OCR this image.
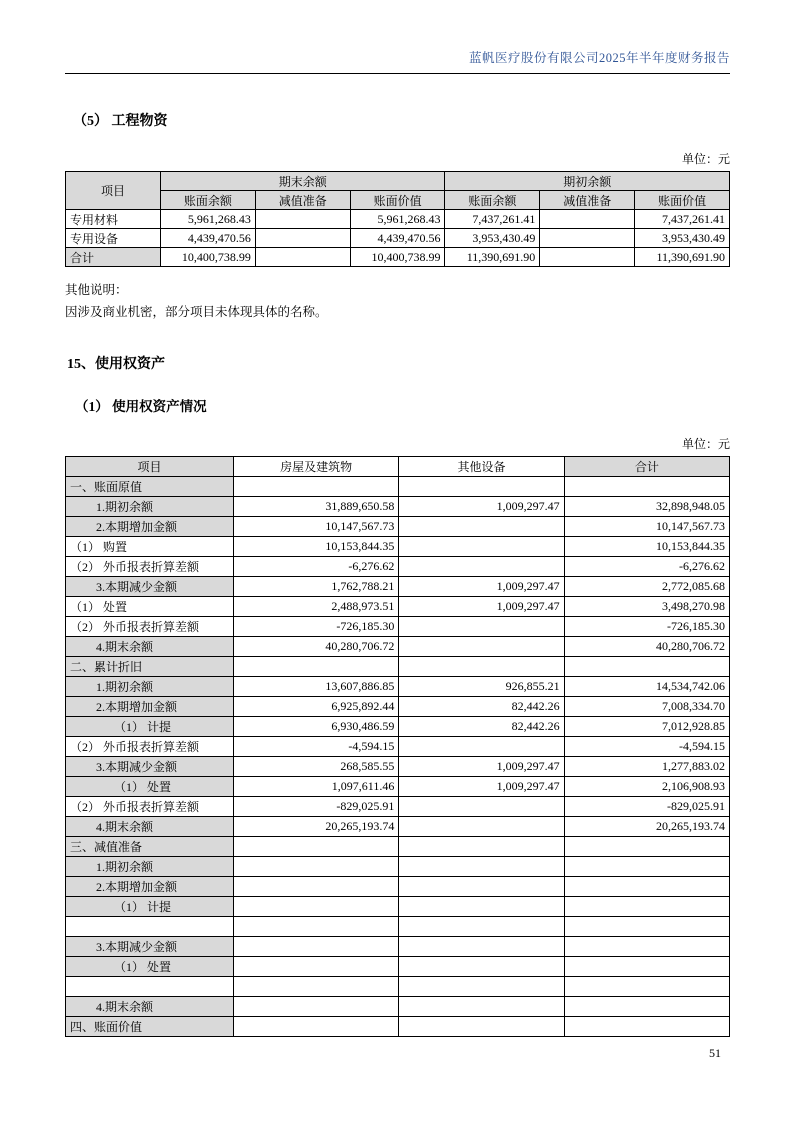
蓝帆医疗股份有限公司2025年半年度财务报告
（5） 工程物资
单位：元
项目	期末余额			期初余额		
	账面余额	减值准备	账面价值	账面余额	减值准备	账面价值
专用材料	5,961,268.43		5,961,268.43	7,437,261.41		7,437,261.41
专用设备	4,439,470.56		4,439,470.56	3,953,430.49		3,953,430.49
合计	10,400,738.99		10,400,738.99	11,390,691.90		11,390,691.90
其他说明：
因涉及商业机密，部分项目未体现具体的名称。
15、使用权资产
（1） 使用权资产情况
单位：元
项目	房屋及建筑物	其他设备	合计
一、账面原值			
1.期初余额	31,889,650.58	1,009,297.47	32,898,948.05
2.本期增加金额	10,147,567.73		10,147,567.73
（1） 购置	10,153,844.35		10,153,844.35
（2） 外币报表折算差额	-6,276.62		-6,276.62
3.本期减少金额	1,762,788.21	1,009,297.47	2,772,085.68
（1） 处置	2,488,973.51	1,009,297.47	3,498,270.98
（2） 外币报表折算差额	-726,185.30		-726,185.30
4.期末余额	40,280,706.72		40,280,706.72
二、累计折旧			
1.期初余额	13,607,886.85	926,855.21	14,534,742.06
2.本期增加金额	6,925,892.44	82,442.26	7,008,334.70
（1） 计提	6,930,486.59	82,442.26	7,012,928.85
（2） 外币报表折算差额	-4,594.15		-4,594.15
3.本期减少金额	268,585.55	1,009,297.47	1,277,883.02
（1） 处置	1,097,611.46	1,009,297.47	2,106,908.93
（2） 外币报表折算差额	-829,025.91		-829,025.91
4.期末余额	20,265,193.74		20,265,193.74
三、减值准备			
1.期初余额			
2.本期增加金额			
（1） 计提			

3.本期减少金额			
（1） 处置			

4.期末余额			
四、账面价值			
51
